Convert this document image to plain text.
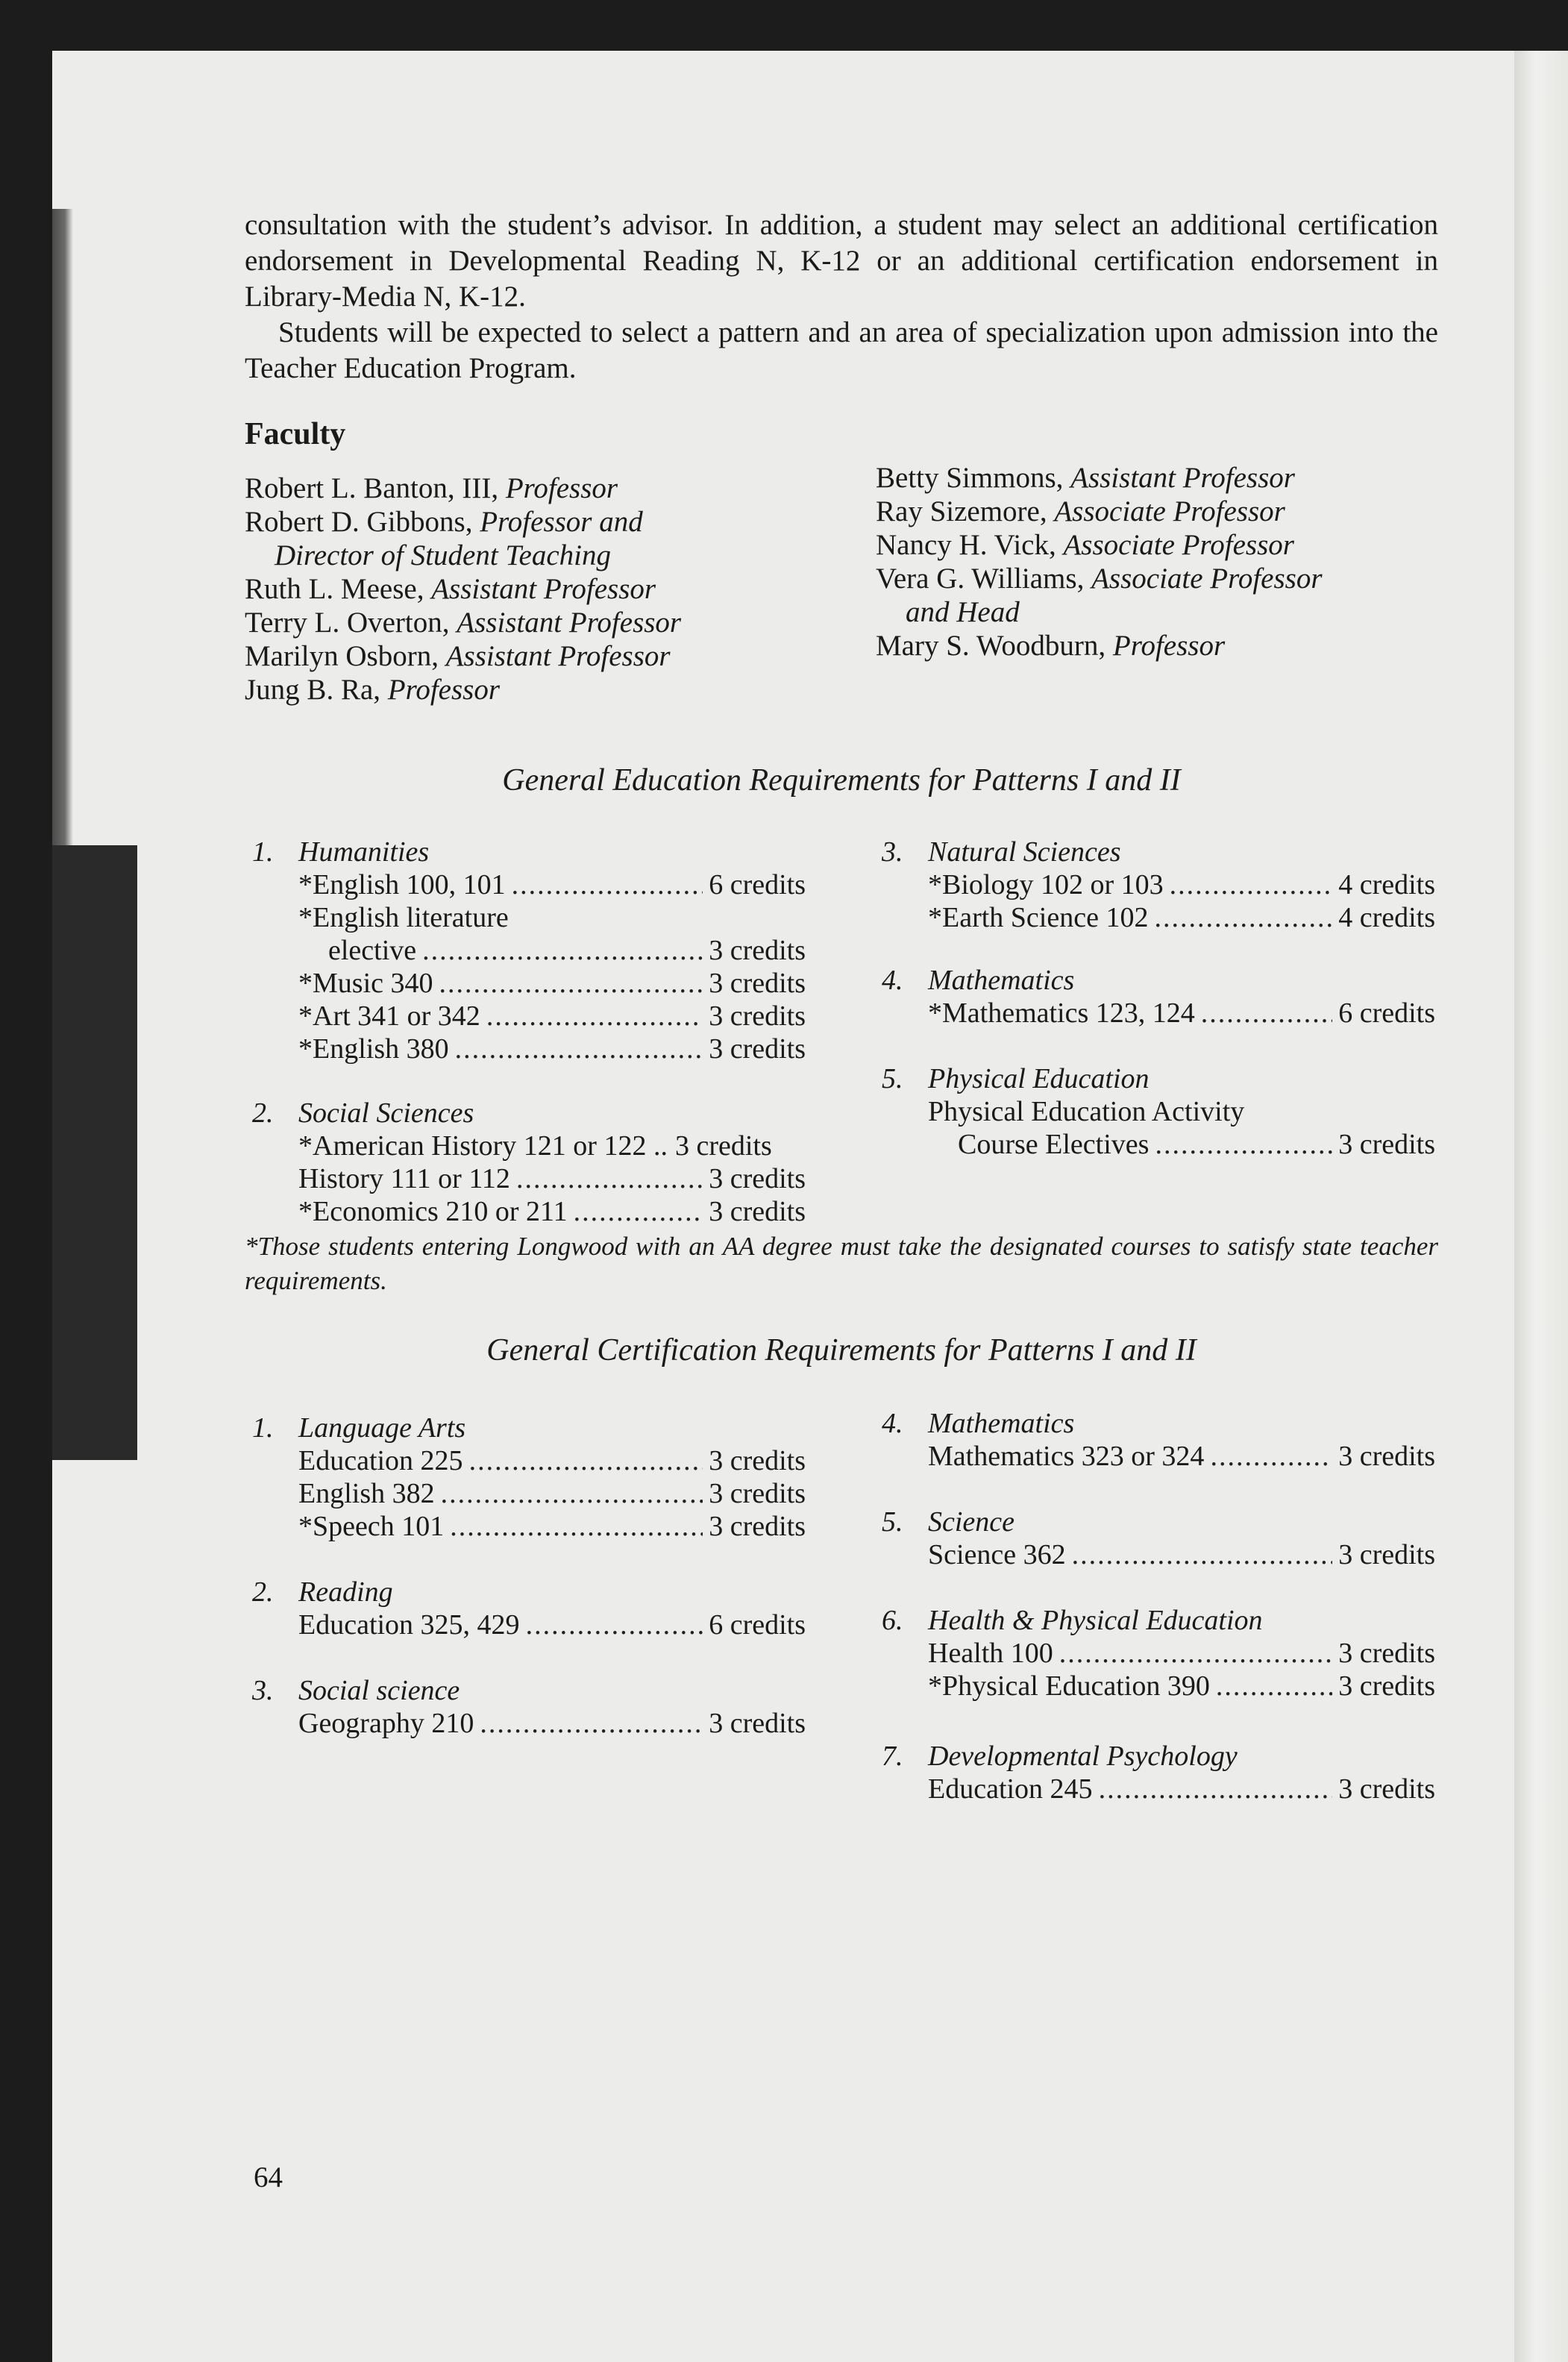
consultation with the student’s advisor. In addition, a student may select an additional certification endorsement in Developmental Reading N, K-12 or an additional certification endorsement in Library-Media N, K-12.

Students will be expected to select a pattern and an area of specialization upon admission into the Teacher Education Program.

Faculty
Robert L. Banton, III, Professor
Robert D. Gibbons, Professor and
Director of Student Teaching
Ruth L. Meese, Assistant Professor
Terry L. Overton, Assistant Professor
Marilyn Osborn, Assistant Professor
Jung B. Ra, Professor
Betty Simmons, Assistant Professor
Ray Sizemore, Associate Professor
Nancy H. Vick, Associate Professor
Vera G. Williams, Associate Professor
and Head
Mary S. Woodburn, Professor
General Education Requirements for Patterns I and II
1. Humanities
*English 100, 101 .....	6 credits
*English literature
elective .....	3 credits
*Music 340 .....	3 credits
*Art 341 or 342 .....	3 credits
*English 380 .....	3 credits
2. Social Sciences
*American History 121 or 122 .. 3 credits
History 111 or 112 .....	3 credits
*Economics 210 or 211 .....	3 credits
3. Natural Sciences
*Biology 102 or 103 .....	4 credits
*Earth Science 102 .....	4 credits
4. Mathematics
*Mathematics 123, 124 .....	6 credits
5. Physical Education
Physical Education Activity
Course Electives .....	3 credits
*Those students entering Longwood with an AA degree must take the designated courses to satisfy state teacher requirements.
General Certification Requirements for Patterns I and II
1. Language Arts
Education 225 .....	3 credits
English 382 .....	3 credits
*Speech 101 .....	3 credits
2. Reading
Education 325, 429 .....	6 credits
3. Social science
Geography 210 .....	3 credits
4. Mathematics
Mathematics 323 or 324 .....	3 credits
5. Science
Science 362 .....	3 credits
6. Health & Physical Education
Health 100 .....	3 credits
*Physical Education 390 .....	3 credits
7. Developmental Psychology
Education 245 .....	3 credits
64
